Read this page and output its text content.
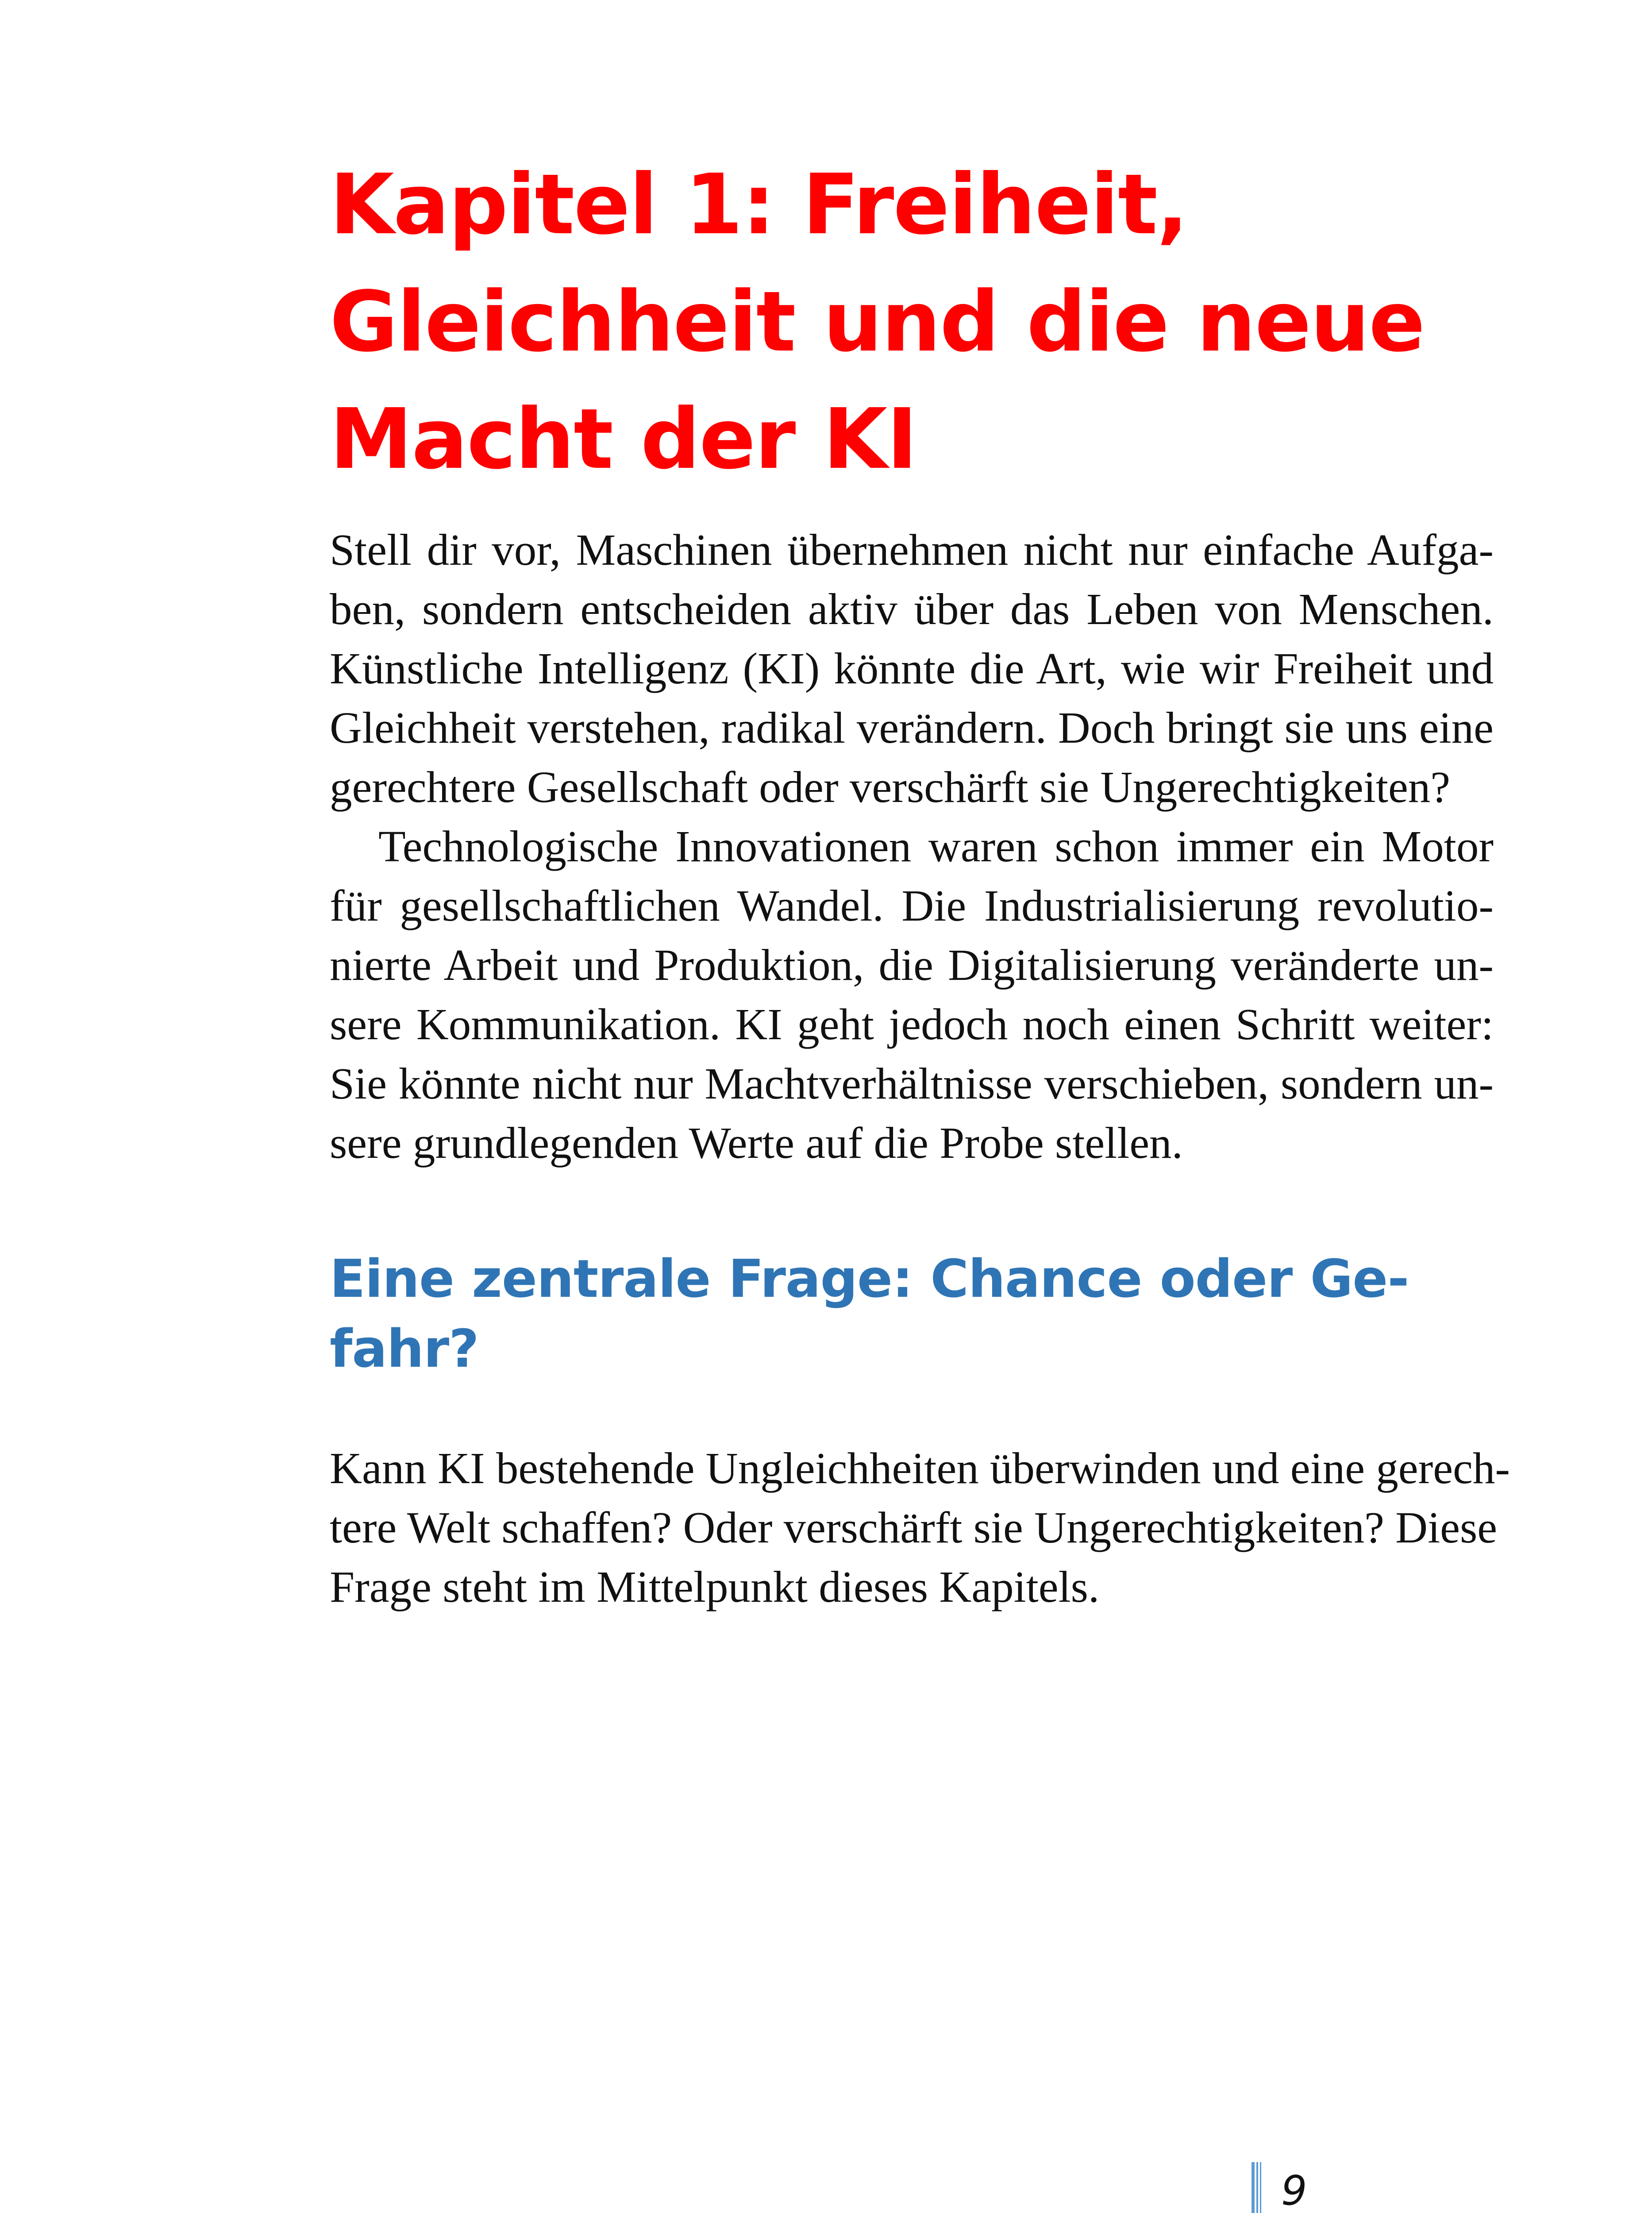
Kapitel 1: Freiheit,
Gleichheit und die neue
Macht der KI

Stell dir vor, Maschinen übernehmen nicht nur einfache Aufga-
ben, sondern entscheiden aktiv über das Leben von Menschen.
Künstliche Intelligenz (KI) könnte die Art, wie wir Freiheit und
Gleichheit verstehen, radikal verändern. Doch bringt sie uns eine
gerechtere Gesellschaft oder verschärft sie Ungerechtigkeiten?

Technologische Innovationen waren schon immer ein Motor
für gesellschaftlichen Wandel. Die Industrialisierung revolutio-
nierte Arbeit und Produktion, die Digitalisierung veränderte un-
sere Kommunikation. KI geht jedoch noch einen Schritt weiter:
Sie könnte nicht nur Machtverhältnisse verschieben, sondern un-
sere grundlegenden Werte auf die Probe stellen.

Eine zentrale Frage: Chance oder Ge-
fahr?

Kann KI bestehende Ungleichheiten überwinden und eine gerech-
tere Welt schaffen? Oder verschärft sie Ungerechtigkeiten? Diese
Frage steht im Mittelpunkt dieses Kapitels.

9
